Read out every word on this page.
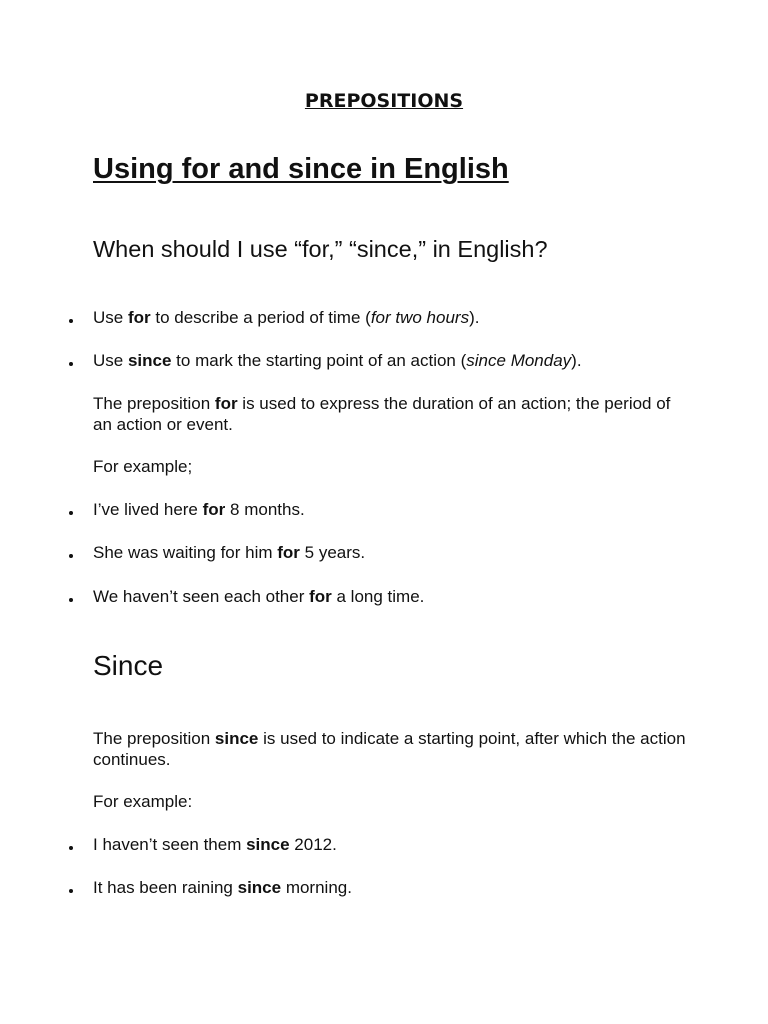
PREPOSITIONS
Using for and since in English
When should I use “for,” “since,” in English?
Use for to describe a period of time (for two hours).
Use since to mark the starting point of an action (since Monday).
The preposition for is used to express the duration of an action; the period of an action or event.
For example;
I’ve lived here for 8 months.
She was waiting for him for 5 years.
We haven’t seen each other for a long time.
Since
The preposition since is used to indicate a starting point, after which the action continues.
For example:
I haven’t seen them since 2012.
It has been raining since morning.
